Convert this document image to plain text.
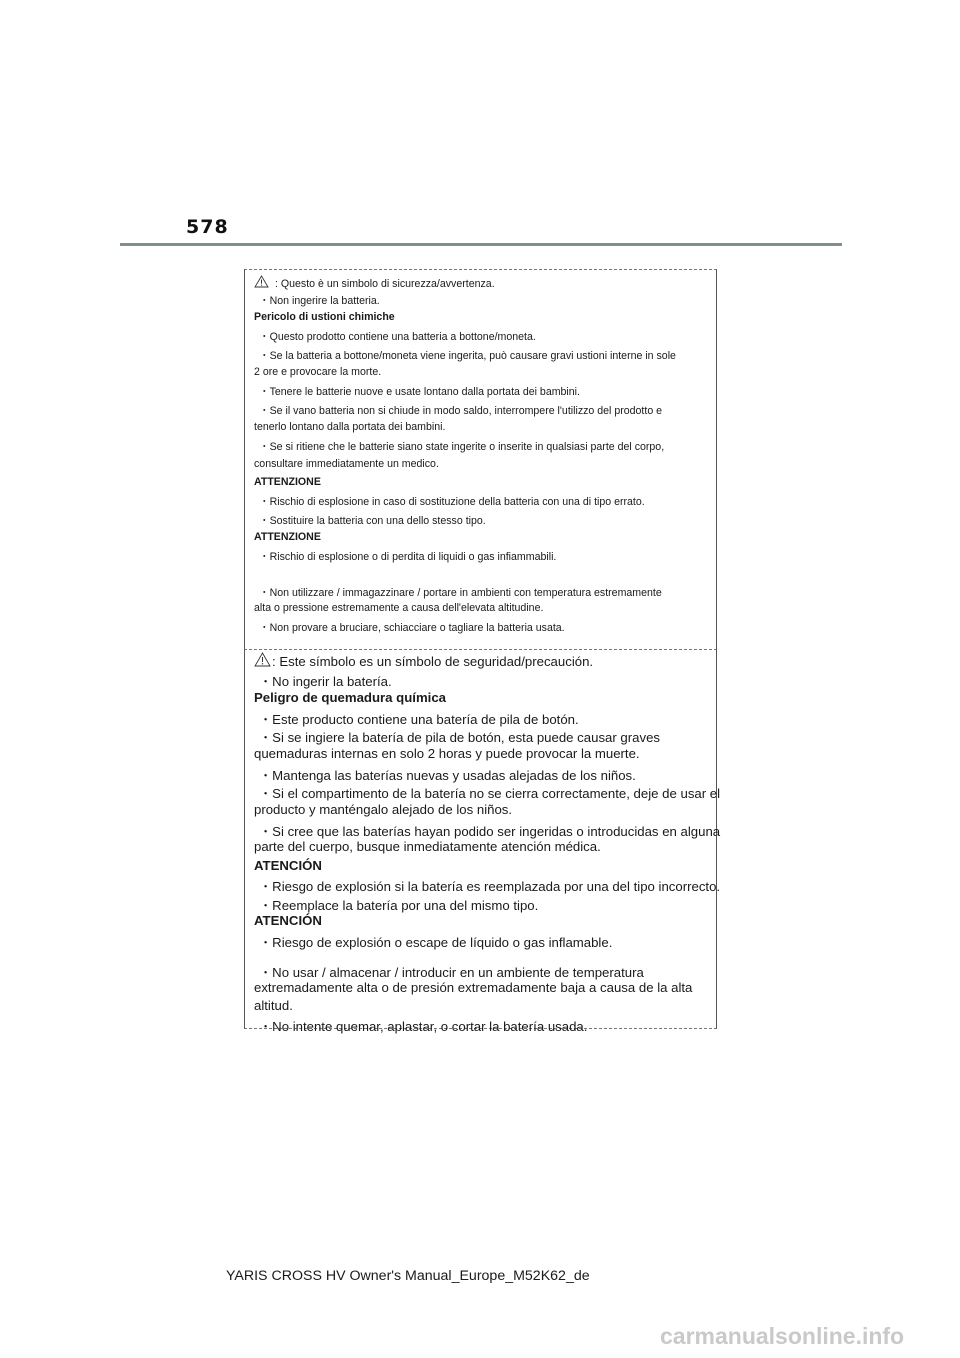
578
: Questo è un simbolo di sicurezza/avvertenza.
・Non ingerire la batteria.
Pericolo di ustioni chimiche
・Questo prodotto contiene una batteria a bottone/moneta.
・Se la batteria a bottone/moneta viene ingerita, può causare gravi ustioni interne in sole
2 ore e provocare la morte.
・Tenere le batterie nuove e usate lontano dalla portata dei bambini.
・Se il vano batteria non si chiude in modo saldo, interrompere l'utilizzo del prodotto e
tenerlo lontano dalla portata dei bambini.
・Se si ritiene che le batterie siano state ingerite o inserite in qualsiasi parte del corpo,
consultare immediatamente un medico.
ATTENZIONE
・Rischio di esplosione in caso di sostituzione della batteria con una di tipo errato.
・Sostituire la batteria con una dello stesso tipo.
ATTENZIONE
・Rischio di esplosione o di perdita di liquidi o gas infiammabili.
・Non utilizzare / immagazzinare / portare in ambienti con temperatura estremamente
alta o pressione estremamente a causa dell'elevata altitudine.
・Non provare a bruciare, schiacciare o tagliare la batteria usata.
: Este símbolo es un símbolo de seguridad/precaución.
・No ingerir la batería.
Peligro de quemadura química
・Este producto contiene una batería de pila de botón.
・Si se ingiere la batería de pila de botón, esta puede causar graves
quemaduras internas en solo 2 horas y puede provocar la muerte.
・Mantenga las baterías nuevas y usadas alejadas de los niños.
・Si el compartimento de la batería no se cierra correctamente, deje de usar el
producto y manténgalo alejado de los niños.
・Si cree que las baterías hayan podido ser ingeridas o introducidas en alguna
parte del cuerpo, busque inmediatamente atención médica.
ATENCIÓN
・Riesgo de explosión si la batería es reemplazada por una del tipo incorrecto.
・Reemplace la batería por una del mismo tipo.
ATENCIÓN
・Riesgo de explosión o escape de líquido o gas inflamable.
・No usar / almacenar / introducir en un ambiente de temperatura
extremadamente alta o de presión extremadamente baja a causa de la alta
altitud.
・No intente quemar, aplastar, o cortar la batería usada.
YARIS CROSS HV Owner's Manual_Europe_M52K62_de
carmanualsonline.info
